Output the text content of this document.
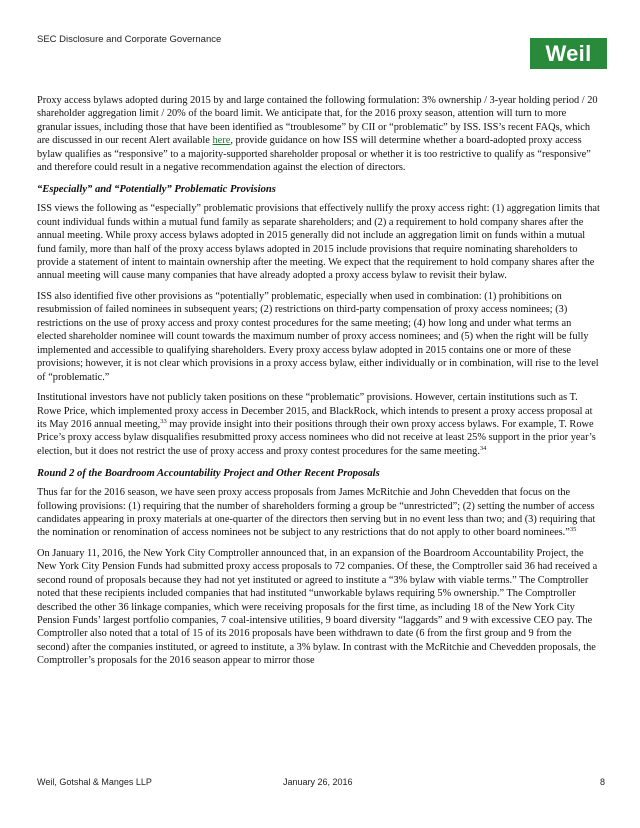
SEC Disclosure and Corporate Governance
Weil

Proxy access bylaws adopted during 2015 by and large contained the following formulation: 3% ownership / 3-year holding period / 20 shareholder aggregation limit / 20% of the board limit. We anticipate that, for the 2016 proxy season, attention will turn to more granular issues, including those that have been identified as “troublesome” by CII or “problematic” by ISS. ISS’s recent FAQs, which are discussed in our recent Alert available here, provide guidance on how ISS will determine whether a board-adopted proxy access bylaw qualifies as “responsive” to a majority-supported shareholder proposal or whether it is too restrictive to qualify as “responsive” and therefore could result in a negative recommendation against the election of directors.

“Especially” and “Potentially” Problematic Provisions

ISS views the following as “especially” problematic provisions that effectively nullify the proxy access right: (1) aggregation limits that count individual funds within a mutual fund family as separate shareholders; and (2) a requirement to hold company shares after the annual meeting. While proxy access bylaws adopted in 2015 generally did not include an aggregation limit on funds within a mutual fund family, more than half of the proxy access bylaws adopted in 2015 include provisions that require nominating shareholders to provide a statement of intent to maintain ownership after the meeting. We expect that the requirement to hold company shares after the annual meeting will cause many companies that have already adopted a proxy access bylaw to revisit their bylaw.

ISS also identified five other provisions as “potentially” problematic, especially when used in combination: (1) prohibitions on resubmission of failed nominees in subsequent years; (2) restrictions on third-party compensation of proxy access nominees; (3) restrictions on the use of proxy access and proxy contest procedures for the same meeting; (4) how long and under what terms an elected shareholder nominee will count towards the maximum number of proxy access nominees; and (5) when the right will be fully implemented and accessible to qualifying shareholders. Every proxy access bylaw adopted in 2015 contains one or more of these provisions; however, it is not clear which provisions in a proxy access bylaw, either individually or in combination, will rise to the level of “problematic.”

Institutional investors have not publicly taken positions on these “problematic” provisions. However, certain institutions such as T. Rowe Price, which implemented proxy access in December 2015, and BlackRock, which intends to present a proxy access proposal at its May 2016 annual meeting,$^{33}$ may provide insight into their positions through their own proxy access bylaws. For example, T. Rowe Price’s proxy access bylaw disqualifies resubmitted proxy access nominees who did not receive at least 25% support in the prior year’s election, but it does not restrict the use of proxy access and proxy contest procedures for the same meeting.$^{34}$

Round 2 of the Boardroom Accountability Project and Other Recent Proposals

Thus far for the 2016 season, we have seen proxy access proposals from James McRitchie and John Chevedden that focus on the following provisions: (1) requiring that the number of shareholders forming a group be “unrestricted”; (2) setting the number of access candidates appearing in proxy materials at one-quarter of the directors then serving but in no event less than two; and (3) requiring that the nomination or renomination of access nominees not be subject to any restrictions that do not apply to other board nominees.”$^{35}$

On January 11, 2016, the New York City Comptroller announced that, in an expansion of the Boardroom Accountability Project, the New York City Pension Funds had submitted proxy access proposals to 72 companies. Of these, the Comptroller said 36 had received a second round of proposals because they had not yet instituted or agreed to institute a “3% bylaw with viable terms.” The Comptroller noted that these recipients included companies that had instituted “unworkable bylaws requiring 5% ownership.” The Comptroller described the other 36 linkage companies, which were receiving proposals for the first time, as including 18 of the New York City Pension Funds’ largest portfolio companies, 7 coal-intensive utilities, 9 board diversity “laggards” and 9 with excessive CEO pay. The Comptroller also noted that a total of 15 of its 2016 proposals have been withdrawn to date (6 from the first group and 9 from the second) after the companies instituted, or agreed to institute, a 3% bylaw. In contrast with the McRitchie and Chevedden proposals, the Comptroller’s proposals for the 2016 season appear to mirror those

Weil, Gotshal & Manges LLP	January 26, 2016	8
